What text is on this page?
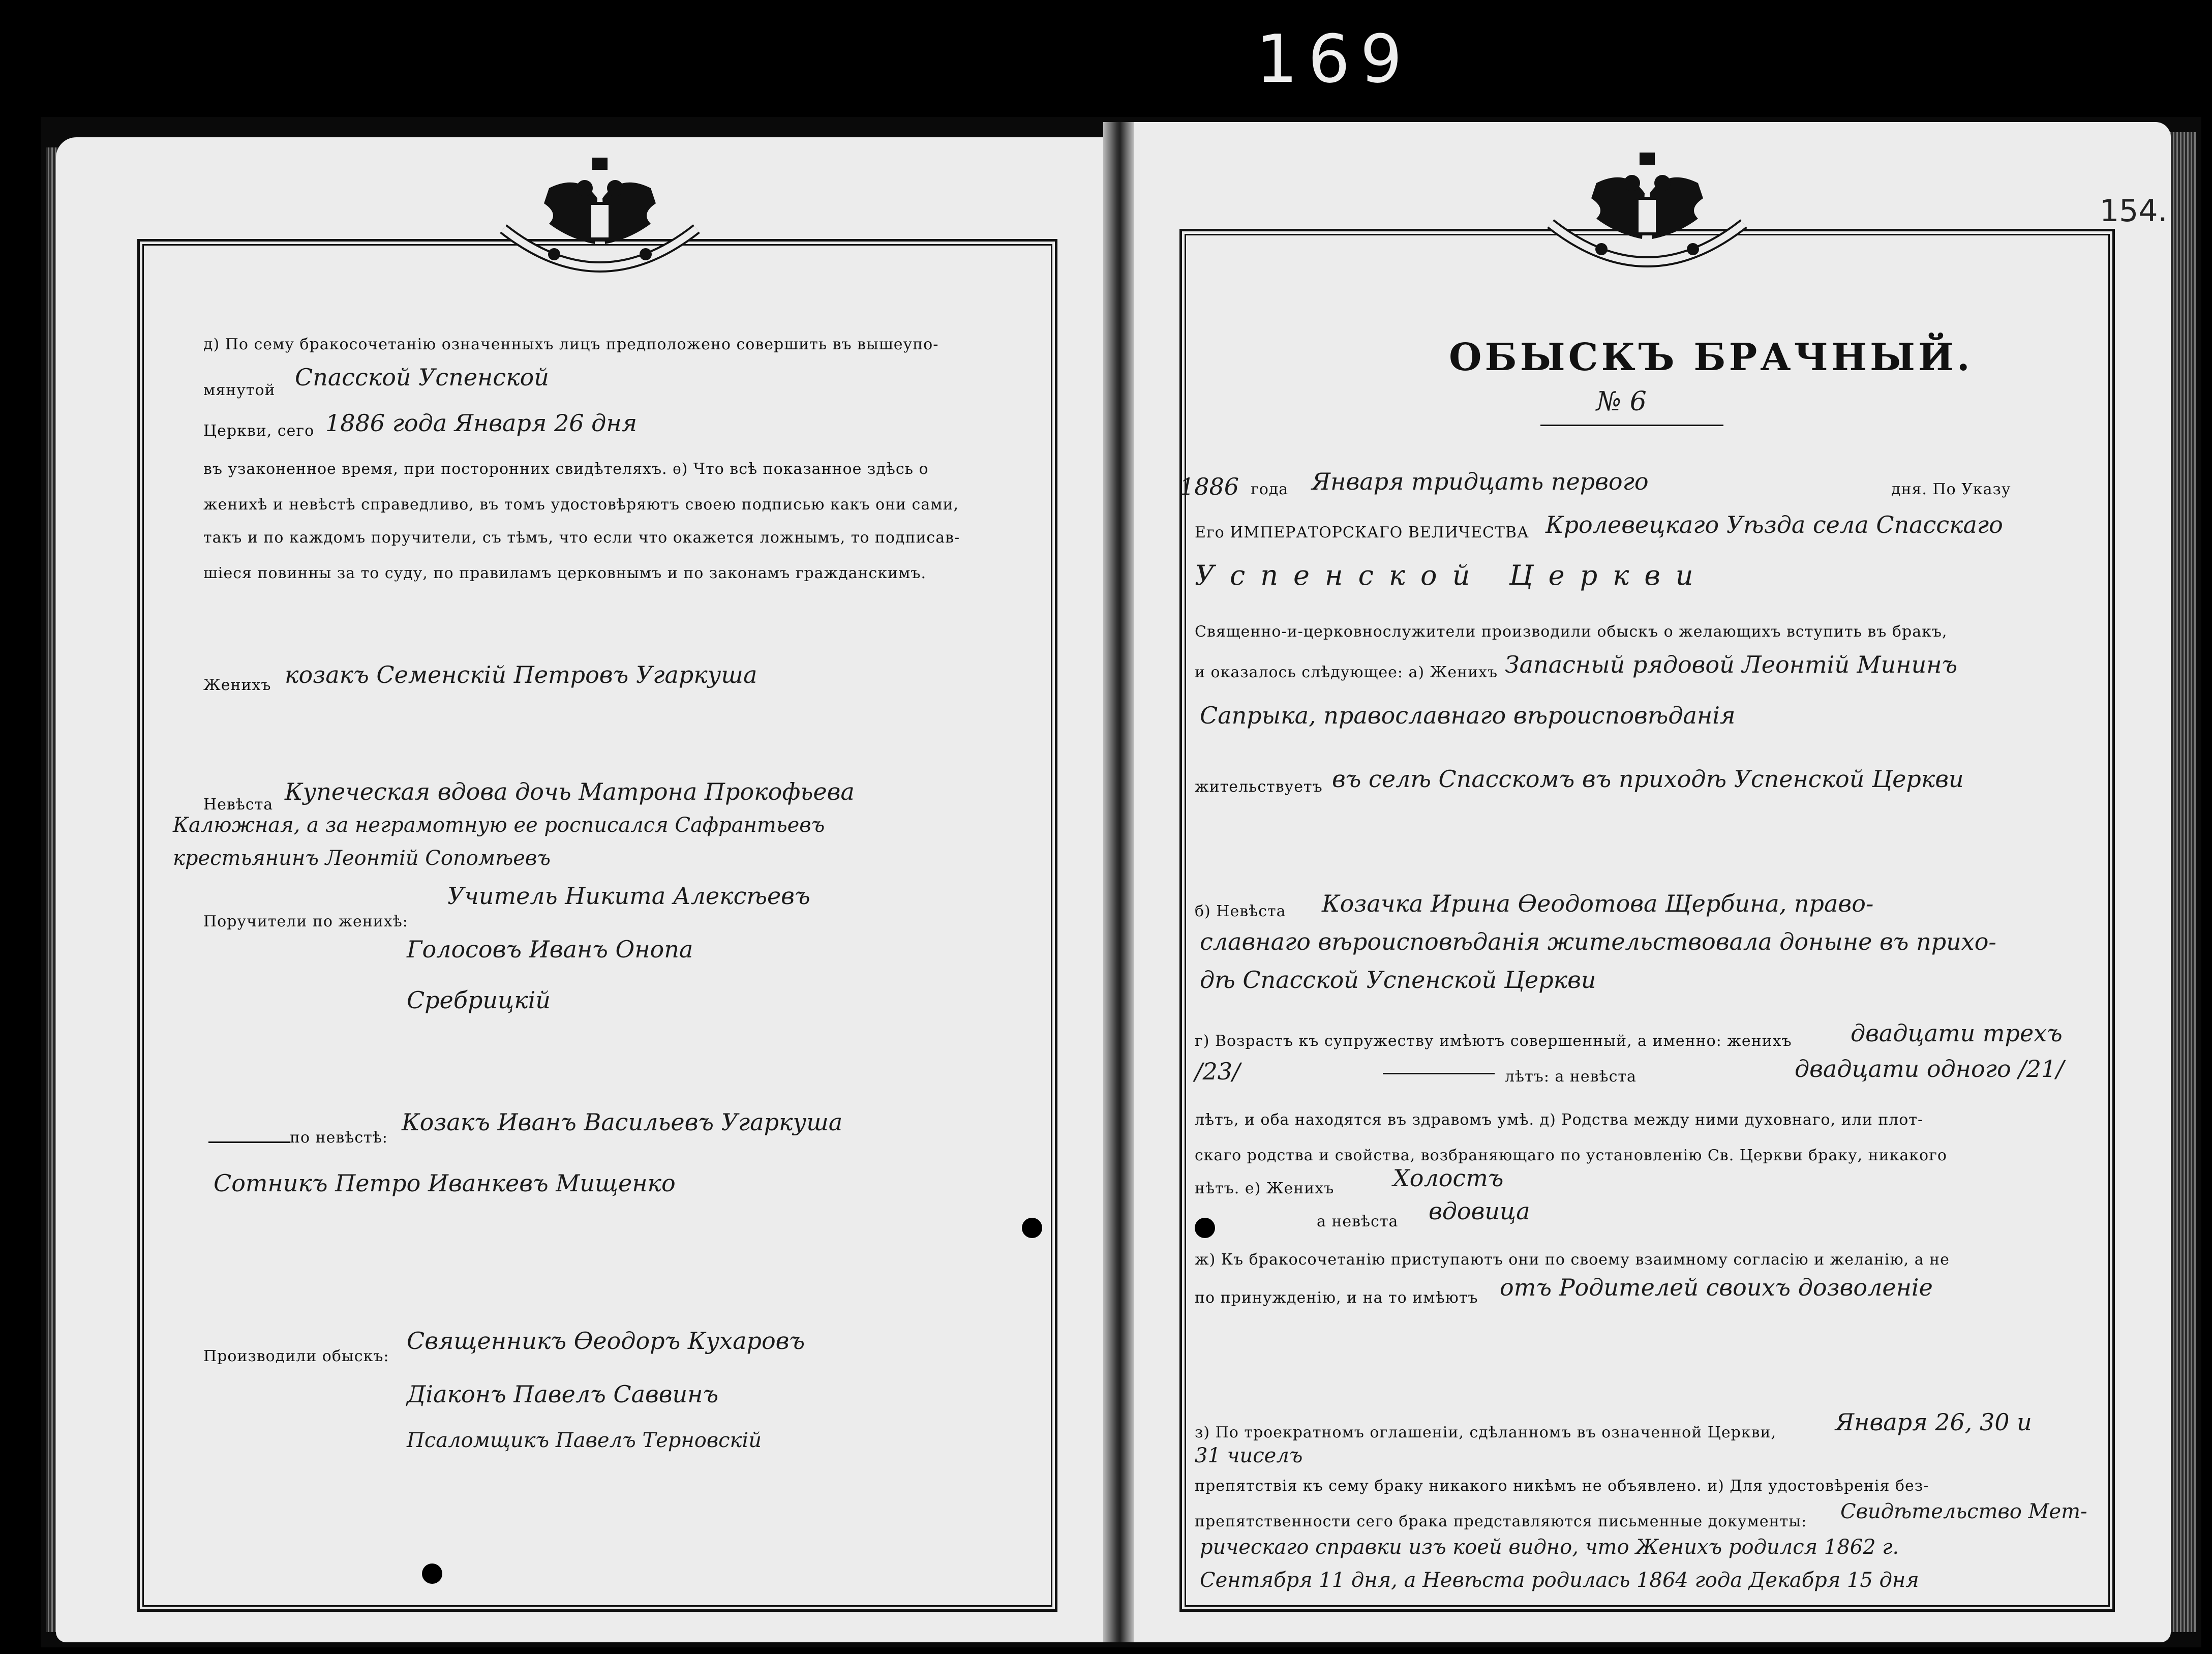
169
154.
д) По сему бракосочетанію означенныхъ лицъ предположено совершить въ вышеупо-
мянутой Спасской Успенской
Церкви, сего 1886 года Января 26 дня
въ узаконенное время, при посторонних свидѣтеляхъ. ѳ) Что всѣ показанное здѣсь о
женихѣ и невѣстѣ справедливо, въ томъ удостовѣряютъ своею подписью какъ они сами,
такъ и по каждомъ поручители, съ тѣмъ, что если что окажется ложнымъ, то подписав-
шіеся повинны за то суду, по правиламъ церковнымъ и по законамъ гражданскимъ.
Женихъ козакъ Семенскій Петровъ Угаркуша
Невѣста Купеческая вдова дочь Матрона Прокофьева
Калюжная, а за неграмотную ее росписался Сафрантьевъ
крестьянинъ Леонтій Сопомѣевъ
Поручители по женихѣ:
Учитель Никита Алексѣевъ
Голосовъ Иванъ Онопа
Сребрицкій
по невѣстѣ:
Козакъ Иванъ Васильевъ Угаркуша
Сотникъ Петро Иванкевъ Мищенко
Производили обыскъ:
Священникъ Ѳеодоръ Кухаровъ
Діаконъ Павелъ Саввинъ
Псаломщикъ Павелъ Терновскій
ОБЫСКЪ БРАЧНЫЙ.
№ 6
1886 года Января тридцать первого	дня. По Указу
Его ИМПЕРАТОРСКАГО ВЕЛИЧЕСТВА Кролевецкаго Уѣзда села Спасскаго
Успенской Церкви
Священно-и-церковнослужители производили обыскъ о желающихъ вступить въ бракъ,
и оказалось слѣдующее: а) Женихъ Запасный рядовой Леонтій Мининъ
Сапрыка, православнаго вѣроисповѣданія
жительствуетъ въ селѣ Спасскомъ въ приходѣ Успенской Церкви
б) Невѣста Козачка Ирина Ѳеодотова Щербина, право-
славнаго вѣроисповѣданія жительствовала доныне въ прихо-
дѣ Спасской Успенской Церкви
г) Возрастъ къ супружеству имѣютъ совершенный, а именно: женихъ	двадцати трехъ
/23/	лѣтъ: а невѣста	двадцати одного /21/
лѣтъ, и оба находятся въ здравомъ умѣ. д) Родства между ними духовнаго, или плот-
скаго родства и свойства, возбраняющаго по установленію Св. Церкви браку, никакого
нѣтъ. е) Женихъ	Холостъ
а невѣста вдовица
ж) Къ бракосочетанію приступаютъ они по своему взаимному согласію и желанію, а не
по принужденію, и на то имѣютъ отъ Родителей своихъ дозволеніе
з) По троекратномъ оглашеніи, сдѣланномъ въ означенной Церкви,	Января 26, 30 и
31 чиселъ
препятствія къ сему браку никакого никѣмъ не объявлено. и) Для удостовѣренія без-
препятственности сего брака представляются письменные документы: Свидѣтельство Мет-
рическаго справки изъ коей видно, что Женихъ родился 1862 г.
Сентября 11 дня, а Невѣста родилась 1864 года Декабря 15 дня
